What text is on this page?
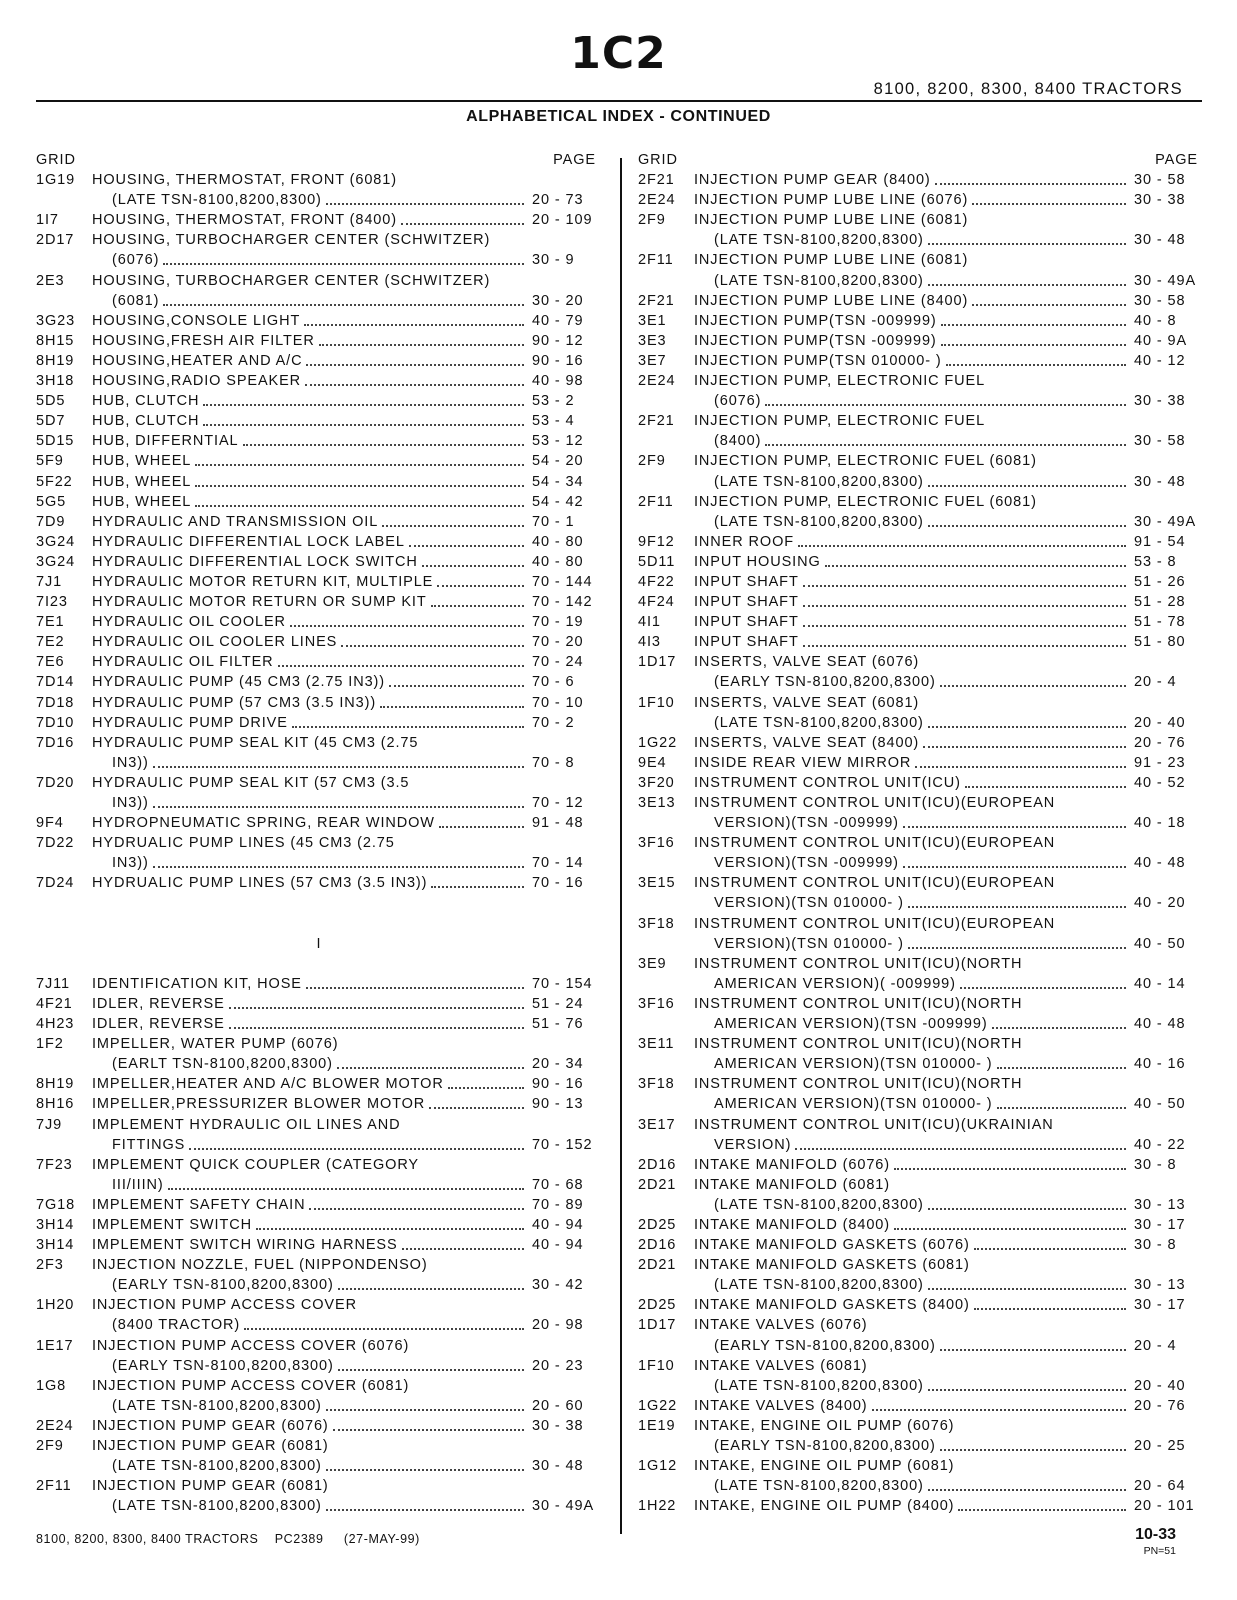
1C2
8100, 8200, 8300, 8400 TRACTORS
ALPHABETICAL INDEX - CONTINUED
GRID	PAGE
1G19 HOUSING, THERMOSTAT, FRONT (6081)
(LATE TSN-8100,8200,8300)	20 - 73
1I7 HOUSING, THERMOSTAT, FRONT (8400)	20 - 109
2D17 HOUSING, TURBOCHARGER CENTER (SCHWITZER)
(6076)	30 - 9
2E3 HOUSING, TURBOCHARGER CENTER (SCHWITZER)
(6081)	30 - 20
3G23 HOUSING,CONSOLE LIGHT	40 - 79
8H15 HOUSING,FRESH AIR FILTER	90 - 12
8H19 HOUSING,HEATER AND A/C	90 - 16
3H18 HOUSING,RADIO SPEAKER	40 - 98
5D5 HUB, CLUTCH	53 - 2
5D7 HUB, CLUTCH	53 - 4
5D15 HUB, DIFFERNTIAL	53 - 12
5F9 HUB, WHEEL	54 - 20
5F22 HUB, WHEEL	54 - 34
5G5 HUB, WHEEL	54 - 42
7D9 HYDRAULIC AND TRANSMISSION OIL	70 - 1
3G24 HYDRAULIC DIFFERENTIAL LOCK LABEL	40 - 80
3G24 HYDRAULIC DIFFERENTIAL LOCK SWITCH	40 - 80
7J1 HYDRAULIC MOTOR RETURN KIT, MULTIPLE	70 - 144
7I23 HYDRAULIC MOTOR RETURN OR SUMP KIT	70 - 142
7E1 HYDRAULIC OIL COOLER	70 - 19
7E2 HYDRAULIC OIL COOLER LINES	70 - 20
7E6 HYDRAULIC OIL FILTER	70 - 24
7D14 HYDRAULIC PUMP (45 CM3 (2.75 IN3))	70 - 6
7D18 HYDRAULIC PUMP (57 CM3 (3.5 IN3))	70 - 10
7D10 HYDRAULIC PUMP DRIVE	70 - 2
7D16 HYDRAULIC PUMP SEAL KIT (45 CM3 (2.75
IN3))	70 - 8
7D20 HYDRAULIC PUMP SEAL KIT (57 CM3 (3.5
IN3))	70 - 12
9F4 HYDROPNEUMATIC SPRING, REAR WINDOW	91 - 48
7D22 HYDRUALIC PUMP LINES (45 CM3 (2.75
IN3))	70 - 14
7D24 HYDRUALIC PUMP LINES (57 CM3 (3.5 IN3))	70 - 16
I
7J11 IDENTIFICATION KIT, HOSE	70 - 154
4F21 IDLER, REVERSE	51 - 24
4H23 IDLER, REVERSE	51 - 76
1F2 IMPELLER, WATER PUMP (6076)
(EARLT TSN-8100,8200,8300)	20 - 34
8H19 IMPELLER,HEATER AND A/C BLOWER MOTOR	90 - 16
8H16 IMPELLER,PRESSURIZER BLOWER MOTOR	90 - 13
7J9 IMPLEMENT HYDRAULIC OIL LINES AND
FITTINGS	70 - 152
7F23 IMPLEMENT QUICK COUPLER (CATEGORY
III/IIIN)	70 - 68
7G18 IMPLEMENT SAFETY CHAIN	70 - 89
3H14 IMPLEMENT SWITCH	40 - 94
3H14 IMPLEMENT SWITCH WIRING HARNESS	40 - 94
2F3 INJECTION NOZZLE, FUEL (NIPPONDENSO)
(EARLY TSN-8100,8200,8300)	30 - 42
1H20 INJECTION PUMP ACCESS COVER
(8400 TRACTOR)	20 - 98
1E17 INJECTION PUMP ACCESS COVER (6076)
(EARLY TSN-8100,8200,8300)	20 - 23
1G8 INJECTION PUMP ACCESS COVER (6081)
(LATE TSN-8100,8200,8300)	20 - 60
2E24 INJECTION PUMP GEAR (6076)	30 - 38
2F9 INJECTION PUMP GEAR (6081)
(LATE TSN-8100,8200,8300)	30 - 48
2F11 INJECTION PUMP GEAR (6081)
(LATE TSN-8100,8200,8300)	30 - 49A
GRID	PAGE
2F21 INJECTION PUMP GEAR (8400)	30 - 58
2E24 INJECTION PUMP LUBE LINE (6076)	30 - 38
2F9 INJECTION PUMP LUBE LINE (6081)
(LATE TSN-8100,8200,8300)	30 - 48
2F11 INJECTION PUMP LUBE LINE (6081)
(LATE TSN-8100,8200,8300)	30 - 49A
2F21 INJECTION PUMP LUBE LINE (8400)	30 - 58
3E1 INJECTION PUMP(TSN -009999)	40 - 8
3E3 INJECTION PUMP(TSN -009999)	40 - 9A
3E7 INJECTION PUMP(TSN 010000- )	40 - 12
2E24 INJECTION PUMP, ELECTRONIC FUEL
(6076)	30 - 38
2F21 INJECTION PUMP, ELECTRONIC FUEL
(8400)	30 - 58
2F9 INJECTION PUMP, ELECTRONIC FUEL (6081)
(LATE TSN-8100,8200,8300)	30 - 48
2F11 INJECTION PUMP, ELECTRONIC FUEL (6081)
(LATE TSN-8100,8200,8300)	30 - 49A
9F12 INNER ROOF	91 - 54
5D11 INPUT HOUSING	53 - 8
4F22 INPUT SHAFT	51 - 26
4F24 INPUT SHAFT	51 - 28
4I1 INPUT SHAFT	51 - 78
4I3 INPUT SHAFT	51 - 80
1D17 INSERTS, VALVE SEAT (6076)
(EARLY TSN-8100,8200,8300)	20 - 4
1F10 INSERTS, VALVE SEAT (6081)
(LATE TSN-8100,8200,8300)	20 - 40
1G22 INSERTS, VALVE SEAT (8400)	20 - 76
9E4 INSIDE REAR VIEW MIRROR	91 - 23
3F20 INSTRUMENT CONTROL UNIT(ICU)	40 - 52
3E13 INSTRUMENT CONTROL UNIT(ICU)(EUROPEAN
VERSION)(TSN -009999)	40 - 18
3F16 INSTRUMENT CONTROL UNIT(ICU)(EUROPEAN
VERSION)(TSN -009999)	40 - 48
3E15 INSTRUMENT CONTROL UNIT(ICU)(EUROPEAN
VERSION)(TSN 010000- )	40 - 20
3F18 INSTRUMENT CONTROL UNIT(ICU)(EUROPEAN
VERSION)(TSN 010000- )	40 - 50
3E9 INSTRUMENT CONTROL UNIT(ICU)(NORTH
AMERICAN VERSION)( -009999)	40 - 14
3F16 INSTRUMENT CONTROL UNIT(ICU)(NORTH
AMERICAN VERSION)(TSN -009999)	40 - 48
3E11 INSTRUMENT CONTROL UNIT(ICU)(NORTH
AMERICAN VERSION)(TSN 010000- )	40 - 16
3F18 INSTRUMENT CONTROL UNIT(ICU)(NORTH
AMERICAN VERSION)(TSN 010000- )	40 - 50
3E17 INSTRUMENT CONTROL UNIT(ICU)(UKRAINIAN
VERSION)	40 - 22
2D16 INTAKE MANIFOLD (6076)	30 - 8
2D21 INTAKE MANIFOLD (6081)
(LATE TSN-8100,8200,8300)	30 - 13
2D25 INTAKE MANIFOLD (8400)	30 - 17
2D16 INTAKE MANIFOLD GASKETS (6076)	30 - 8
2D21 INTAKE MANIFOLD GASKETS (6081)
(LATE TSN-8100,8200,8300)	30 - 13
2D25 INTAKE MANIFOLD GASKETS (8400)	30 - 17
1D17 INTAKE VALVES (6076)
(EARLY TSN-8100,8200,8300)	20 - 4
1F10 INTAKE VALVES (6081)
(LATE TSN-8100,8200,8300)	20 - 40
1G22 INTAKE VALVES (8400)	20 - 76
1E19 INTAKE, ENGINE OIL PUMP (6076)
(EARLY TSN-8100,8200,8300)	20 - 25
1G12 INTAKE, ENGINE OIL PUMP (6081)
(LATE TSN-8100,8200,8300)	20 - 64
1H22 INTAKE, ENGINE OIL PUMP (8400)	20 - 101
8100, 8200, 8300, 8400 TRACTORS    PC2389     (27-MAY-99)	10-33
PN=51
